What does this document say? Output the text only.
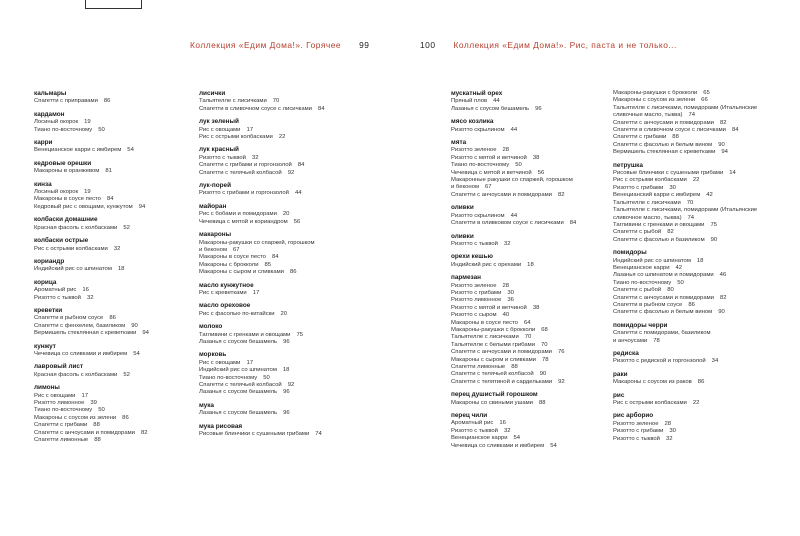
Коллекция «Едим Дома!». Горячее 99	100 Коллекция «Едим Дома!». Рис, паста и не только...
кальмары
Спагетти с приправами 86
кардамон
Лосиный окорок 19
Тиано по-восточному 50
карри
Венецианское карри с имбирем 54
кедровые орешки
Макароны в оранжевом 81
кинза
Лосиный окорок 19
Макароны в соусе песто 84
Кедровый рис с овощами, кунжутом 94
колбаски домашние
Красная фасоль с колбасками 52
колбаски острые
Рис с острыми колбасками 32
кориандр
Индийский рис со шпинатом 18
корица
Ароматный рис 16
Ризотто с тыквой 32
креветки
Спагетти в рыбном соусе 86
Спагетти с фенхелем, базиликом 90
Вермишель стеклянная с креветками 94
кунжут
Чечевица со сливками и имбирем 54
лавровый лист
Красная фасоль с колбасками 52
лимоны
Рис с овощами 17
Ризотто лимонное 39
Тиано по-восточному 50
Макароны с соусом из зелени 86
Спагетти с грибами 88
Спагетти с анчоусами и помидорами 82
Спагетти лимонные 88
лисички
Тальятелле с лисичками 70
Спагетти в сливочном соусе с лисичками 84
лук зеленый
Рис с овощами 17
Рис с острыми колбасками 22
лук красный
Ризотто с тыквой 32
Спагетти с грибами и горгонзолой 84
Спагетти с телячьей колбасой 92
лук-порей
Ризотто с грибами и горгонзолой 44
майоран
Рис с бобами и помидорами 20
Чечевица с мятой и кориандром 56
макароны
Макароны-ракушки со спаржей, горошком
и беконом 67
Макароны в соусе песто 84
Макароны с брокколи 85
Макароны с сыром и сливками 86
масло кунжутное
Рис с креветками 17
масло ореховое
Рис с фасолью по-китайски 20
молоко
Тагливини с гренками и овощами 75
Лазанья с соусом бешамель 96
морковь
Рис с овощами 17
Индийский рис со шпинатом 18
Тиано по-восточному 50
Спагетти с телячьей колбасой 92
Лазанья с соусом бешамель 96
мука
Лазанья с соусом бешамель 96
мука рисовая
Рисовые блинчики с сушеными грибами 74
мускатный орех
Пряный плов 44
Лазанья с соусом бешамель 96
мясо козлика
Ризотто скрылином 44
мята
Ризотто зеленое 28
Ризотто с мятой и ветчиной 38
Тиано по-восточному 50
Чечевица с мятой и ветчиной 56
Макаронные ракушки со спаржей, горошком
и беконом 67
Спагетти с анчоусами и помидорами 82
оливки
Ризотто скрылином 44
Спагетти в оливковом соусе с лисичками 84
оливки
Ризотто с тыквой 32
орехи кешью
Индийский рис с орехами 18
пармезан
Ризотто зеленое 28
Ризотто с грибами 30
Ризотто лимонное 36
Ризотто с мятой и ветчиной 38
Ризотто с сыром 40
Макароны в соусе песто 64
Макароны-ракушки с брокколи 68
Тальятелле с лисичками 70
Тальятелле с белыми грибами 70
Спагетти с анчоусами и помидорами 76
Макароны с сыром и сливками 78
Спагетти лимонные 88
Спагетти с телячьей колбасой 90
Спагетти с телятиной и сардельками 92
перец душистый горошком
Макароны со свиными ушами 88
перец чили
Ароматный рис 16
Ризотто с тыквой 32
Венецианское карри 54
Чечевица со сливками и имбирем 54
Макароны-ракушки с брокколи 65
Макароны с соусом из зелени 66
Тальятелле с лисичками, помидорами (Итальянские
сливочные масло, тыква) 74
Спагетти с анчоусами и помидорами 82
Спагетти в сливочном соусе с лисичками 84
Спагетти с грибами 88
Спагетти с фасолью и белым вином 90
Вермишель стеклянная с креветками 94
петрушка
Рисовые блинчики с сушеными грибами 14
Рис с острыми колбасками 22
Ризотто с грибами 30
Венецианский карри с имбирем 42
Тальятелле с лисичками 70
Тальятелле с лисичками, помидорами (Итальянские
сливочное масло, тыква) 74
Тагливини с гренками и овощами 75
Спагетти с рыбой 82
Спагетти с фасолью и базиликом 90
помидоры
Индийский рис со шпинатом 18
Венецианское карри 42
Лазанья со шпинатом и помидорами 46
Тиано по-восточному 50
Спагетти с рыбой 80
Спагетти с анчоусами и помидорами 82
Спагетти в рыбном соусе 86
Спагетти с фасолью и белым вином 90
помидоры черри
Спагетти с помидорами, базиликом
и анчоусами 78
редиска
Ризотто с редиской и горгонзолой 34
раки
Макароны с соусом из раков 86
рис
Рис с острыми колбасками 22
рис арборио
Ризотто зеленое 28
Ризотто с грибами 30
Ризотто с тыквой 32
